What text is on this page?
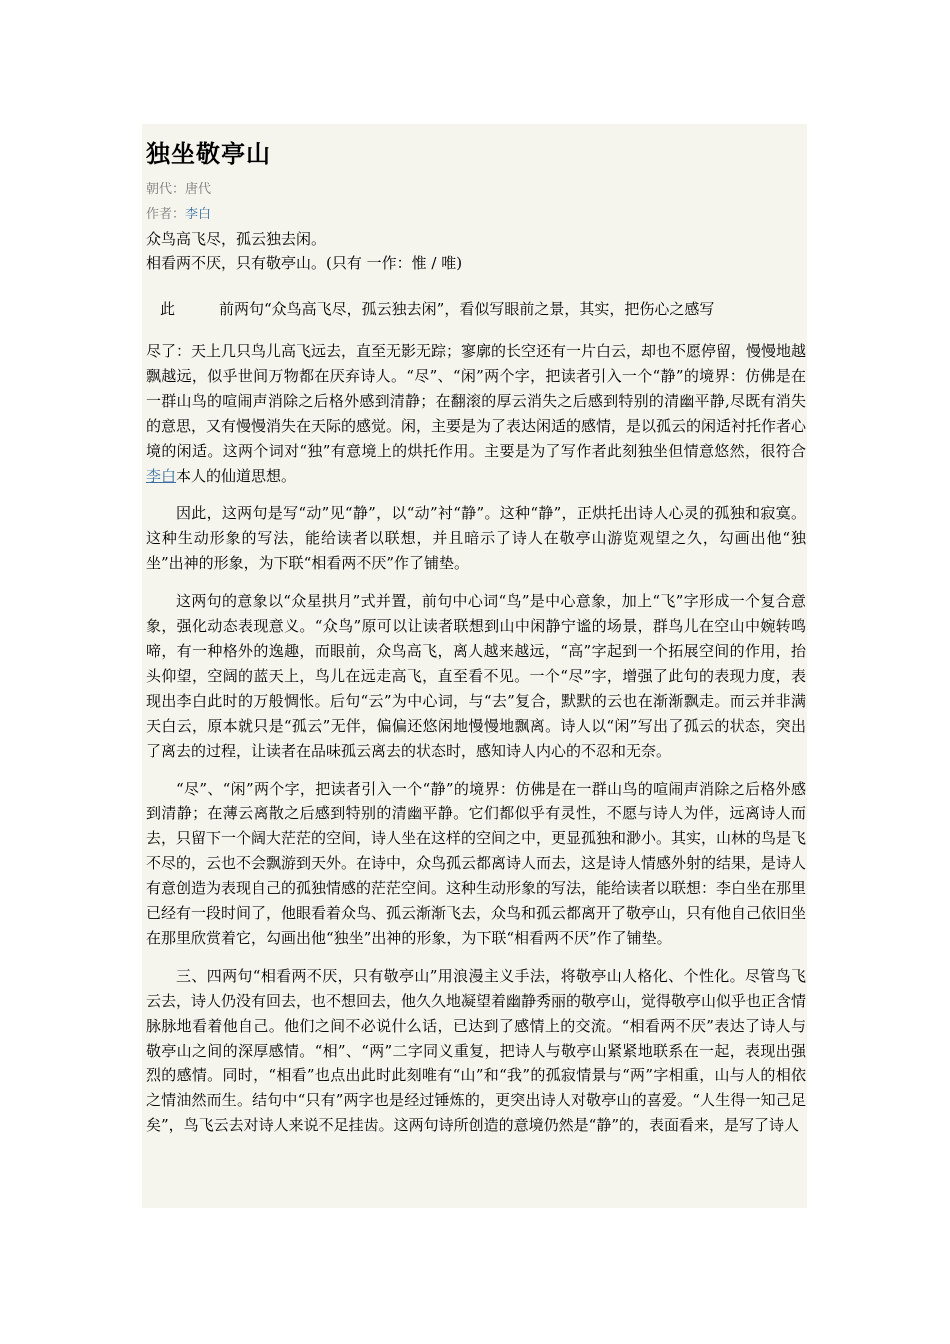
独坐敬亭山
朝代：唐代
作者：李白
众鸟高飞尽，孤云独去闲。
相看两不厌，只有敬亭山。(只有 一作：惟 / 唯)
此	前两句“众鸟高飞尽，孤云独去闲”，看似写眼前之景，其实，把伤心之感写

尽了：天上几只鸟儿高飞远去，直至无影无踪；寥廓的长空还有一片白云，却也不愿停留，慢慢地越飘越远，似乎世间万物都在厌弃诗人。“尽”、“闲”两个字，把读者引入一个“静”的境界：仿佛是在一群山鸟的喧闹声消除之后格外感到清静；在翻滚的厚云消失之后感到特别的清幽平静,尽既有消失的意思，又有慢慢消失在天际的感觉。闲，主要是为了表达闲适的感情，是以孤云的闲适衬托作者心境的闲适。这两个词对“独”有意境上的烘托作用。主要是为了写作者此刻独坐但情意悠然，很符合李白本人的仙道思想。

因此，这两句是写“动”见“静”，以“动”衬“静”。这种“静”，正烘托出诗人心灵的孤独和寂寞。这种生动形象的写法，能给读者以联想，并且暗示了诗人在敬亭山游览观望之久，勾画出他“独坐”出神的形象，为下联“相看两不厌”作了铺垫。

这两句的意象以“众星拱月”式并置，前句中心词“鸟”是中心意象，加上“飞”字形成一个复合意象，强化动态表现意义。“众鸟”原可以让读者联想到山中闲静宁谧的场景，群鸟儿在空山中婉转鸣啼，有一种格外的逸趣，而眼前，众鸟高飞，离人越来越远，“高”字起到一个拓展空间的作用，抬头仰望，空阔的蓝天上，鸟儿在远走高飞，直至看不见。一个“尽”字，增强了此句的表现力度，表现出李白此时的万般惆怅。后句“云”为中心词，与“去”复合，默默的云也在渐渐飘走。而云并非满天白云，原本就只是“孤云”无伴，偏偏还悠闲地慢慢地飘离。诗人以“闲”写出了孤云的状态，突出了离去的过程，让读者在品味孤云离去的状态时，感知诗人内心的不忍和无奈。

“尽”、“闲”两个字，把读者引入一个“静”的境界：仿佛是在一群山鸟的喧闹声消除之后格外感到清静；在薄云离散之后感到特别的清幽平静。它们都似乎有灵性，不愿与诗人为伴，远离诗人而去，只留下一个阔大茫茫的空间，诗人坐在这样的空间之中，更显孤独和渺小。其实，山林的鸟是飞不尽的，云也不会飘游到天外。在诗中，众鸟孤云都离诗人而去，这是诗人情感外射的结果，是诗人有意创造为表现自己的孤独情感的茫茫空间。这种生动形象的写法，能给读者以联想：李白坐在那里已经有一段时间了，他眼看着众鸟、孤云渐渐飞去，众鸟和孤云都离开了敬亭山，只有他自己依旧坐在那里欣赏着它，勾画出他“独坐”出神的形象，为下联“相看两不厌”作了铺垫。

三、四两句“相看两不厌，只有敬亭山”用浪漫主义手法，将敬亭山人格化、个性化。尽管鸟飞云去，诗人仍没有回去，也不想回去，他久久地凝望着幽静秀丽的敬亭山，觉得敬亭山似乎也正含情脉脉地看着他自己。他们之间不必说什么话，已达到了感情上的交流。“相看两不厌”表达了诗人与敬亭山之间的深厚感情。“相”、“两”二字同义重复，把诗人与敬亭山紧紧地联系在一起，表现出强烈的感情。同时，“相看”也点出此时此刻唯有“山”和“我”的孤寂情景与“两”字相重，山与人的相依之情油然而生。结句中“只有”两字也是经过锤炼的，更突出诗人对敬亭山的喜爱。“人生得一知己足矣”，鸟飞云去对诗人来说不足挂齿。这两句诗所创造的意境仍然是“静”的，表面看来，是写了诗人
